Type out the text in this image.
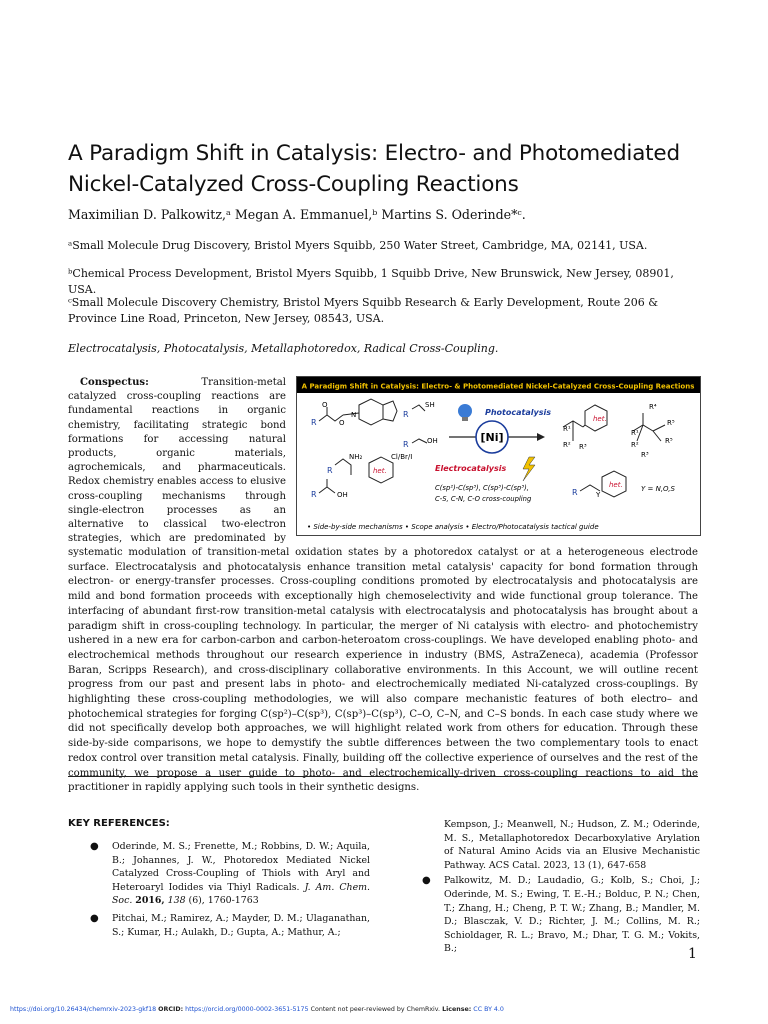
A Paradigm Shift in Catalysis: Electro- and Photomediated Nickel-Catalyzed Cross-Coupling Reactions
Maximilian D. Palkowitz,ᵃ Megan A. Emmanuel,ᵇ Martins S. Oderinde*ᶜ.
ᵃSmall Molecule Drug Discovery, Bristol Myers Squibb, 250 Water Street, Cambridge, MA, 02141, USA.
ᵇChemical Process Development, Bristol Myers Squibb, 1 Squibb Drive, New Brunswick, New Jersey, 08901, USA.
ᶜSmall Molecule Discovery Chemistry, Bristol Myers Squibb Research & Early Development, Route 206 & Province Line Road, Princeton, New Jersey, 08543, USA.
Electrocatalysis, Photocatalysis, Metallaphotoredox, Radical Cross-Coupling.
Conspectus:	Transition-metal catalyzed cross-coupling reactions are fundamental reactions in organic chemistry, facilitating strategic bond formations for accessing natural products, organic materials, agrochemicals, and pharmaceuticals. Redox chemistry enables access to elusive cross-coupling mechanisms through single-electron processes as an alternative to classical two-electron strategies, which are predominated by
A Paradigm Shift in Catalysis: Electro- & Photomediated Nickel-Catalyzed Cross-Coupling Reactions
R
O
O
N	R
SH
R	OH
R
NH₂
R	OH
het.
Cl/Br/I
Photocatalysis
[Ni]
Electrocatalysis
C(sp²)-C(sp³), C(sp³)-C(sp³),
C-S, C-N, C-O cross-coupling
R¹
R² R³
het.
R¹
R²
R³
R⁴
R⁵
R⁵
R	Y
het.	Y = N,O,S
• Side-by-side mechanisms • Scope analysis • Electro/Photocatalysis tactical guide
systematic modulation of transition-metal oxidation states by a photoredox catalyst or at a heterogeneous electrode surface. Electrocatalysis and photocatalysis enhance transition metal catalysis' capacity for bond formation through electron- or energy-transfer processes. Cross-coupling conditions promoted by electrocatalysis and photocatalysis are mild and bond formation proceeds with exceptionally high chemoselectivity and wide functional group tolerance. The interfacing of abundant first-row transition-metal catalysis with electrocatalysis and photocatalysis has brought about a paradigm shift in cross-coupling technology. In particular, the merger of Ni catalysis with electro- and photochemistry ushered in a new era for carbon-carbon and carbon-heteroatom cross-couplings. We have developed enabling photo- and electrochemical methods throughout our research experience in industry (BMS, AstraZeneca), academia (Professor Baran, Scripps Research), and cross-disciplinary collaborative environments. In this Account, we will outline recent progress from our past and present labs in photo- and electrochemically mediated Ni-catalyzed cross-couplings. By highlighting these cross-coupling methodologies, we will also compare mechanistic features of both electro– and photochemical strategies for forging C(sp²)–C(sp³), C(sp³)–C(sp³), C–O, C–N, and C–S bonds. In each case study where we did not specifically develop both approaches, we will highlight related work from others for education. Through these side-by-side comparisons, we hope to demystify the subtle differences between the two complementary tools to enact redox control over transition metal catalysis. Finally, building off the collective experience of ourselves and the rest of the community, we propose a user guide to photo- and electrochemically-driven cross-coupling reactions to aid the practitioner in rapidly applying such tools in their synthetic designs.
KEY REFERENCES:
● Oderinde, M. S.; Frenette, M.; Robbins, D. W.; Aquila, B.; Johannes, J. W., Photoredox Mediated Nickel Catalyzed Cross-Coupling of Thiols with Aryl and Heteroaryl Iodides via Thiyl Radicals. J. Am. Chem. Soc. 2016, 138 (6), 1760-1763
● Pitchai, M.; Ramirez, A.; Mayder, D. M.; Ulaganathan, S.; Kumar, H.; Aulakh, D.; Gupta, A.; Mathur, A.;
Kempson, J.; Meanwell, N.; Hudson, Z. M.; Oderinde, M. S., Metallaphotoredox Decarboxylative Arylation of Natural Amino Acids via an Elusive Mechanistic Pathway. ACS Catal. 2023, 13 (1), 647-658
● Palkowitz, M. D.; Laudadio, G.; Kolb, S.; Choi, J.; Oderinde, M. S.; Ewing, T. E.-H.; Bolduc, P. N.; Chen, T.; Zhang, H.; Cheng, P. T. W.; Zhang, B.; Mandler, M. D.; Blasczak, V. D.; Richter, J. M.; Collins, M. R.; Schioldager, R. L.; Bravo, M.; Dhar, T. G. M.; Vokits, B.;	1
https://doi.org/10.26434/chemrxiv-2023-gkf18 ORCID: https://orcid.org/0000-0002-3651-5175 Content not peer-reviewed by ChemRxiv. License: CC BY 4.0
